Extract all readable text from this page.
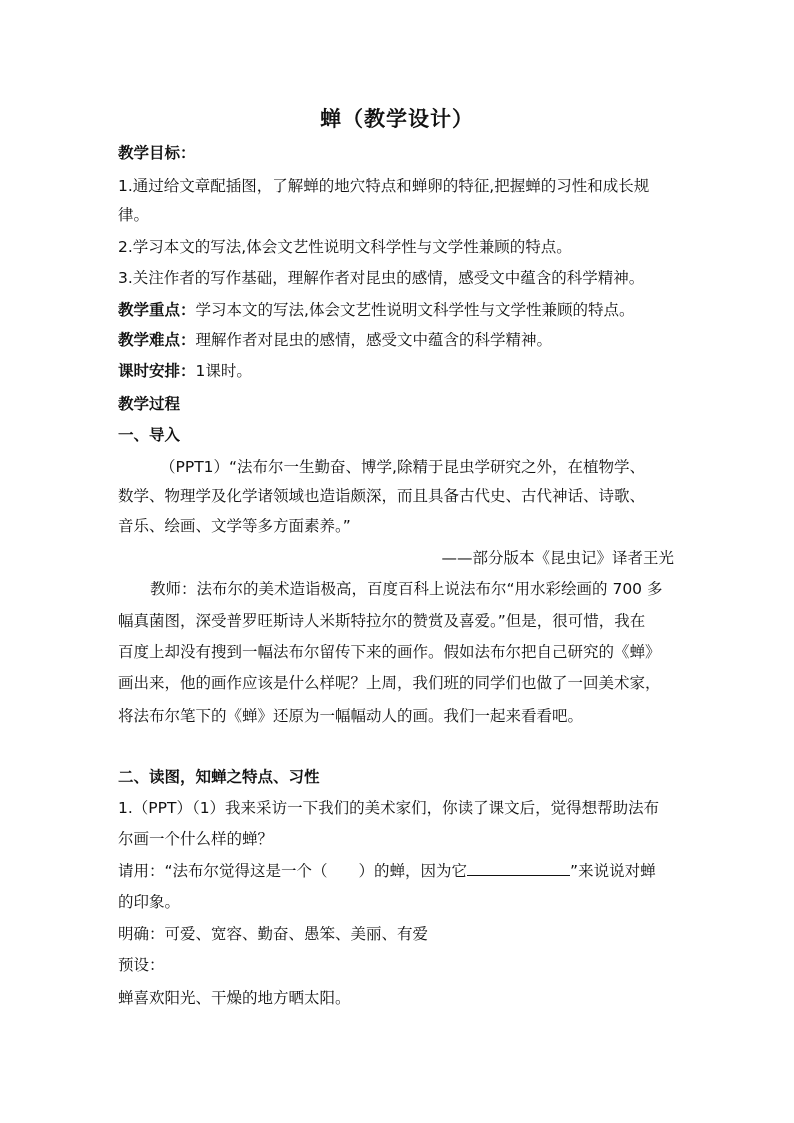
蝉（教学设计）
教学目标：
1.通过给文章配插图，了解蝉的地穴特点和蝉卵的特征,把握蝉的习性和成长规
律。
2.学习本文的写法,体会文艺性说明文科学性与文学性兼顾的特点。
3.关注作者的写作基础，理解作者对昆虫的感情，感受文中蕴含的科学精神。
教学重点：学习本文的写法,体会文艺性说明文科学性与文学性兼顾的特点。
教学难点：理解作者对昆虫的感情，感受文中蕴含的科学精神。
课时安排：1课时。
教学过程
一、导入
（PPT1）“法布尔一生勤奋、博学,除精于昆虫学研究之外，在植物学、
数学、物理学及化学诸领域也造诣颇深，而且具备古代史、古代神话、诗歌、
音乐、绘画、文学等多方面素养。”
——部分版本《昆虫记》译者王光
教师：法布尔的美术造诣极高，百度百科上说法布尔“用水彩绘画的 700 多
幅真菌图，深受普罗旺斯诗人米斯特拉尔的赞赏及喜爱。”但是，很可惜，我在
百度上却没有搜到一幅法布尔留传下来的画作。假如法布尔把自己研究的《蝉》
画出来，他的画作应该是什么样呢？上周，我们班的同学们也做了一回美术家，
将法布尔笔下的《蝉》还原为一幅幅动人的画。我们一起来看看吧。
二、读图，知蝉之特点、习性
1.（PPT）（1）我来采访一下我们的美术家们，你读了课文后，觉得想帮助法布
尔画一个什么样的蝉？
请用：“法布尔觉得这是一个（　　）的蝉，因为它	”来说说对蝉
的印象。
明确：可爱、宽容、勤奋、愚笨、美丽、有爱
预设：
蝉喜欢阳光、干燥的地方晒太阳。
